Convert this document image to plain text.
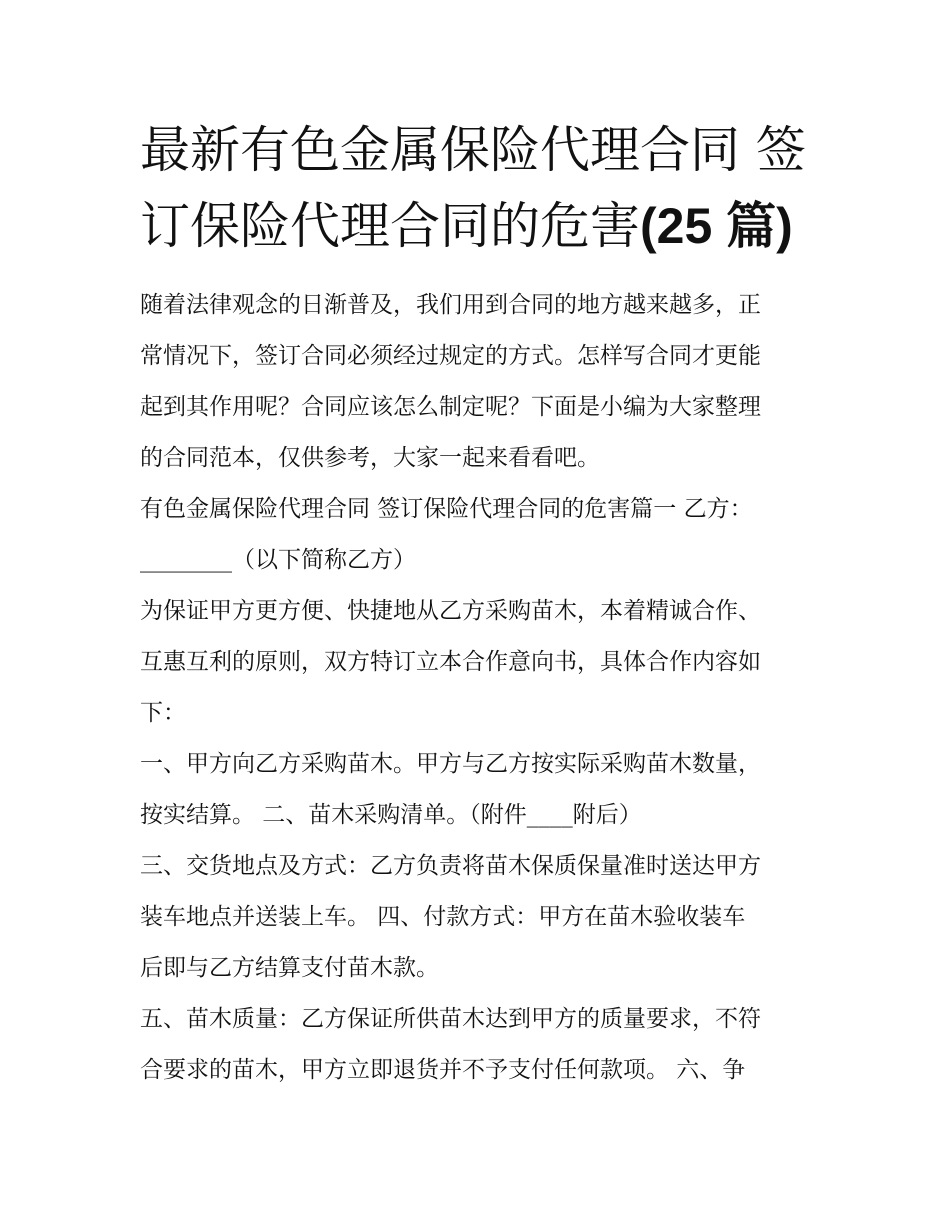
最新有色金属保险代理合同 签
订保险代理合同的危害(25 篇)

随着法律观念的日渐普及，我们用到合同的地方越来越多，正
常情况下，签订合同必须经过规定的方式。怎样写合同才更能
起到其作用呢？合同应该怎么制定呢？下面是小编为大家整理
的合同范本，仅供参考，大家一起来看看吧。

有色金属保险代理合同 签订保险代理合同的危害篇一 乙方：
________（以下简称乙方）

为保证甲方更方便、快捷地从乙方采购苗木，本着精诚合作、
互惠互利的原则，双方特订立本合作意向书，具体合作内容如
下：

一、甲方向乙方采购苗木。甲方与乙方按实际采购苗木数量，
按实结算。 二、苗木采购清单。（附件____附后）

三、交货地点及方式：乙方负责将苗木保质保量准时送达甲方
装车地点并送装上车。 四、付款方式：甲方在苗木验收装车
后即与乙方结算支付苗木款。

五、苗木质量：乙方保证所供苗木达到甲方的质量要求，不符
合要求的苗木，甲方立即退货并不予支付任何款项。 六、争
